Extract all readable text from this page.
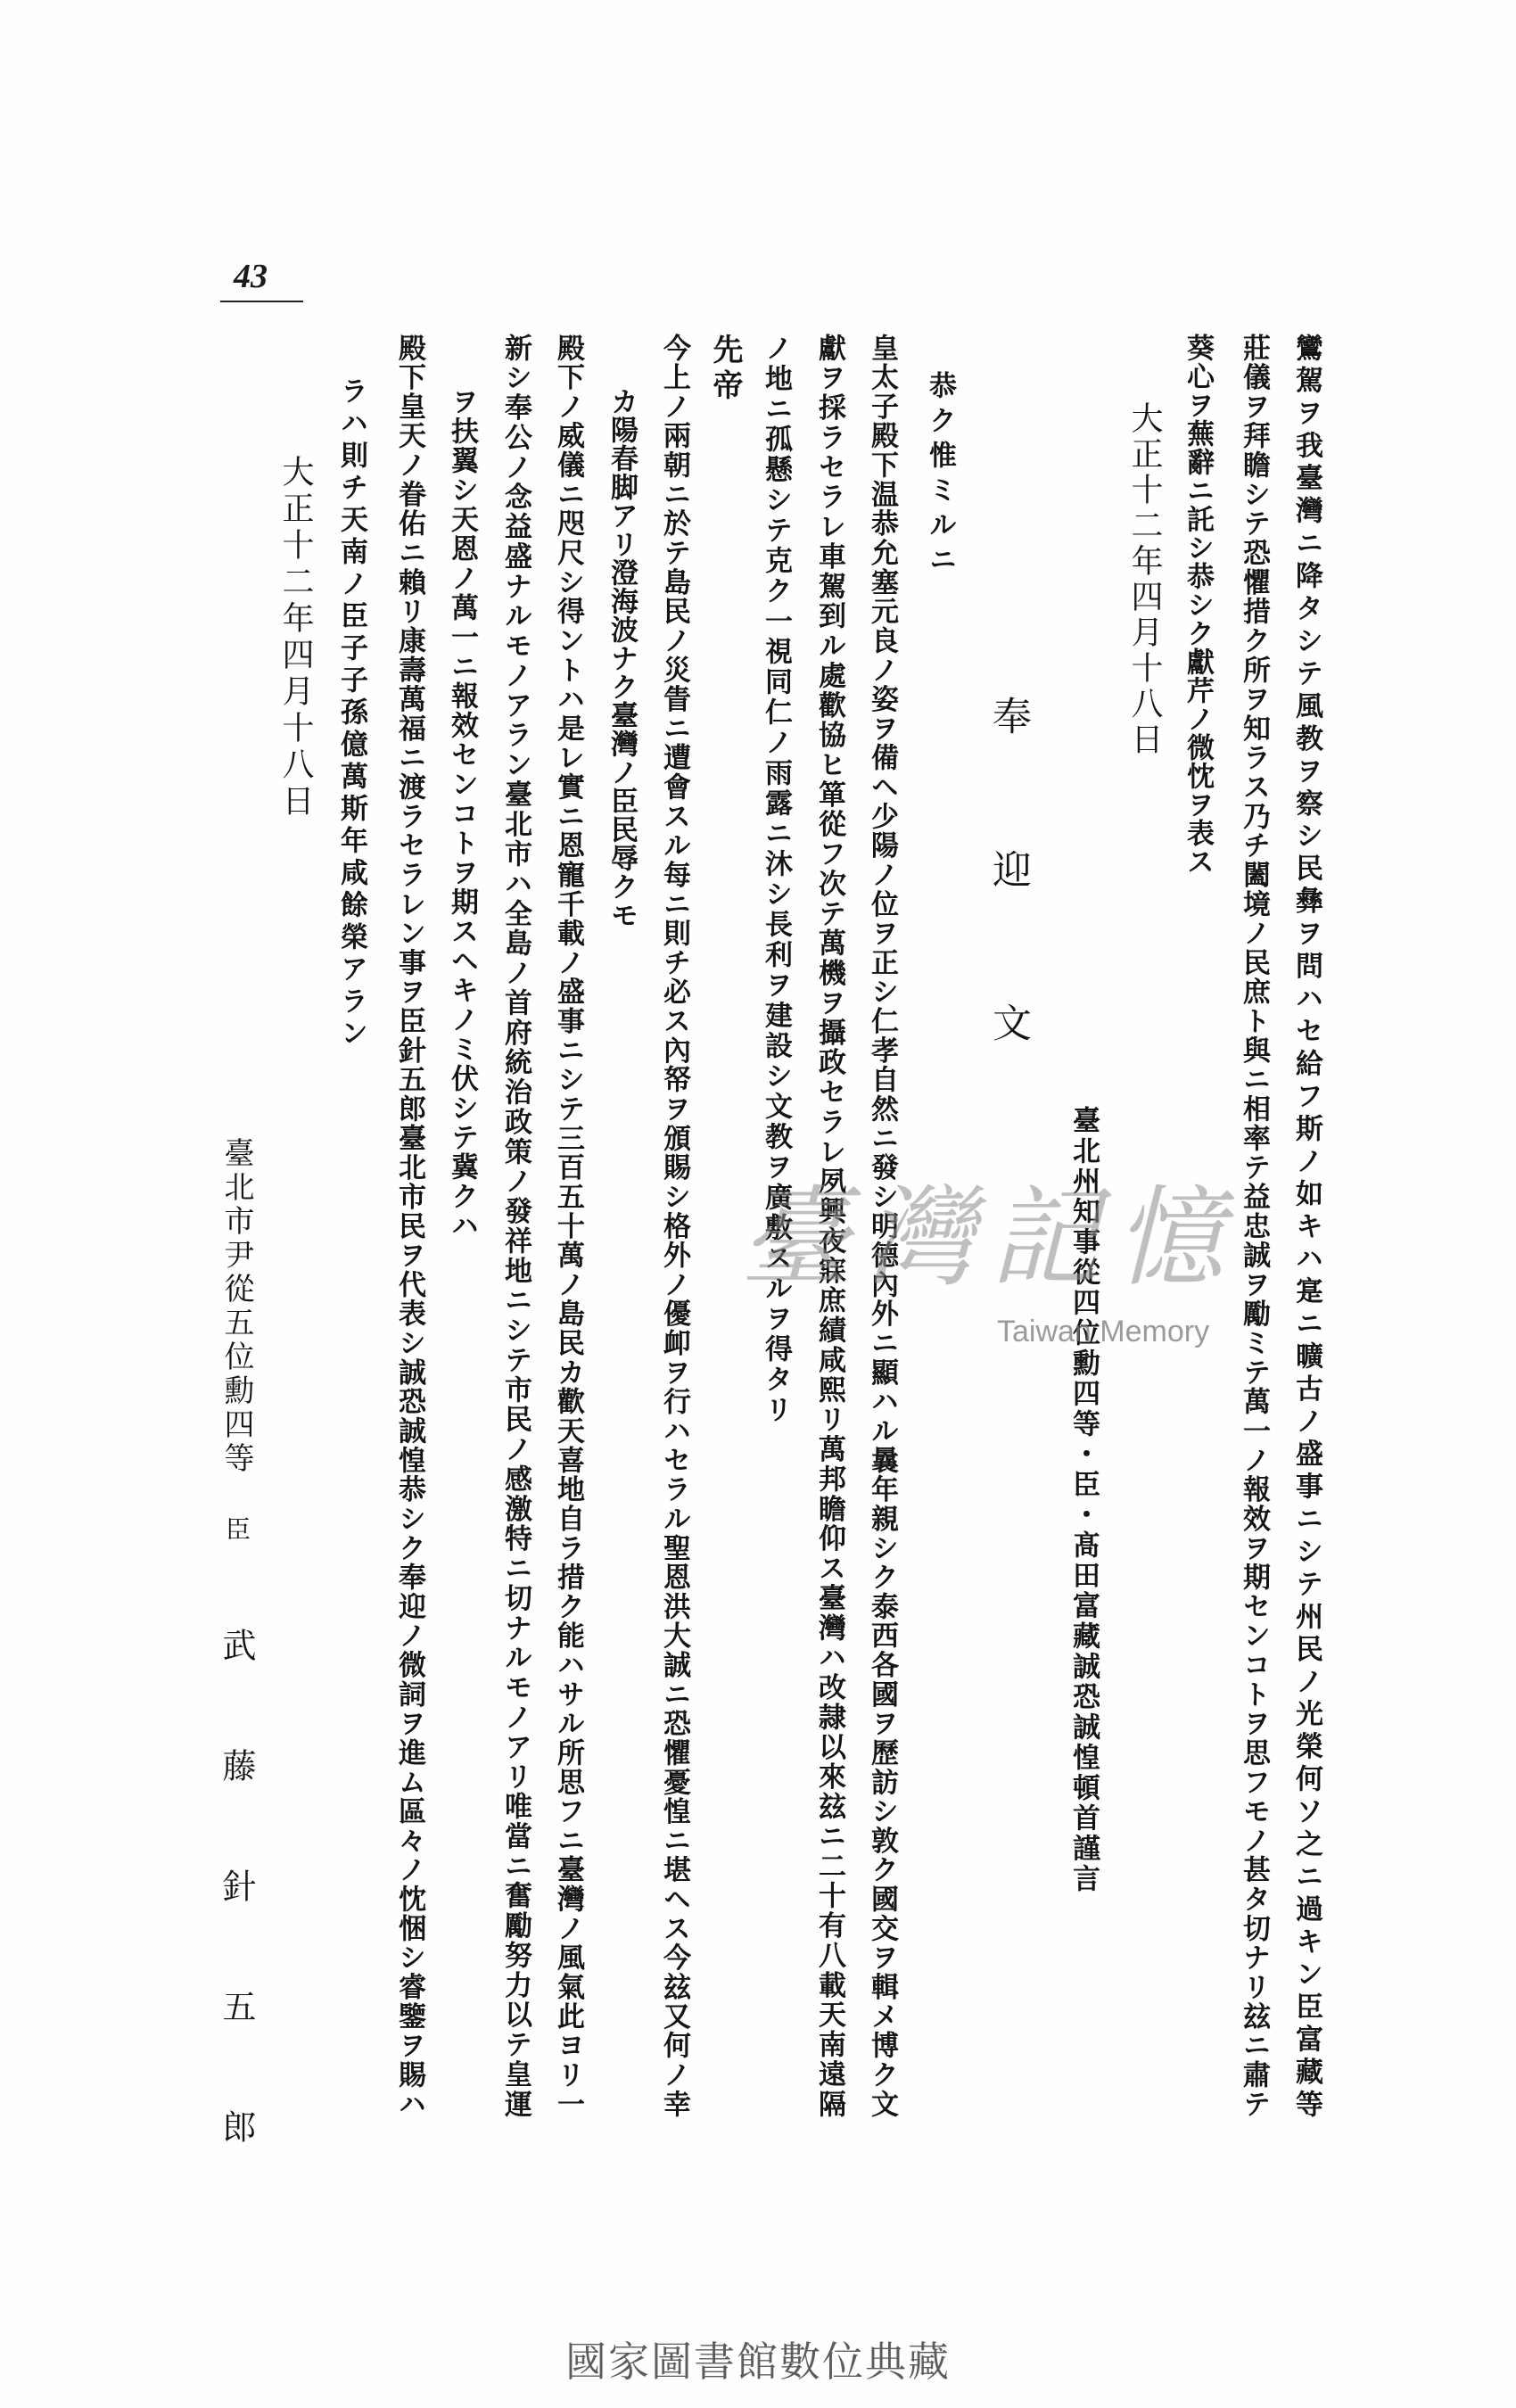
43
鸞駕ヲ我臺灣ニ降タシテ風教ヲ察シ民彝ヲ問ハセ給フ斯ノ如キハ寔ニ曠古ノ盛事ニシテ州民ノ光榮何ソ之ニ過キン臣富藏等
莊儀ヲ拜瞻シテ恐懼措ク所ヲ知ラス乃チ闔境ノ民庶ト與ニ相率テ益忠誠ヲ勵ミテ萬一ノ報效ヲ期センコトヲ思フモノ甚タ切ナリ玆ニ肅テ
葵心ヲ蕪辭ニ託シ恭シク獻芹ノ微忱ヲ表ス
大正十二年四月十八日
臺北州知事從四位勳四等・臣・髙田富藏誠恐誠惶頓首謹言
奉迎文
恭ク惟ミルニ
皇太子殿下温恭允塞元良ノ姿ヲ備ヘ少陽ノ位ヲ正シ仁孝自然ニ發シ明德內外ニ顯ハル曩年親シク泰西各國ヲ歷訪シ敦ク國交ヲ輯メ博ク文
獻ヲ採ラセラレ車駕到ル處歡協ヒ箪從フ次テ萬機ヲ攝政セラレ夙興夜寐庶績咸熙リ萬邦瞻仰ス臺灣ハ改隷以來玆ニ二十有八載天南遠隔
ノ地ニ孤懸シテ克ク一視同仁ノ雨露ニ沐シ長利ヲ建設シ文教ヲ廣敷スルヲ得タリ
先帝
今上ノ兩朝ニ於テ島民ノ災眚ニ遭會スル每ニ則チ必ス內帑ヲ頒賜シ格外ノ優卹ヲ行ハセラル聖恩洪大誠ニ恐懼憂惶ニ堪ヘス今玆又何ノ幸
カ陽春脚アリ澄海波ナク臺灣ノ臣民辱クモ
殿下ノ威儀ニ咫尺シ得ントハ是レ實ニ恩寵千載ノ盛事ニシテ三百五十萬ノ島民カ歡天喜地自ラ措ク能ハサル所思フニ臺灣ノ風氣此ヨリ一
新シ奉公ノ念益盛ナルモノアラン臺北市ハ全島ノ首府統治政策ノ發祥地ニシテ市民ノ感激特ニ切ナルモノアリ唯當ニ奮勵努力以テ皇運
ヲ扶翼シ天恩ノ萬一ニ報效センコトヲ期スヘキノミ伏シテ冀クハ
殿下皇天ノ眷佑ニ賴リ康壽萬福ニ渡ラセラレン事ヲ臣針五郎臺北市民ヲ代表シ誠恐誠惶恭シク奉迎ノ微詞ヲ進ム區々ノ忱悃シ睿鑒ヲ賜ハ
ラハ則チ天南ノ臣子子孫億萬斯年咸餘榮アラン
大正十二年四月十八日
臺北市尹從五位勳四等
臣
武藤針五郎
臺灣記憶
Taiwan Memory
國家圖書館數位典藏
